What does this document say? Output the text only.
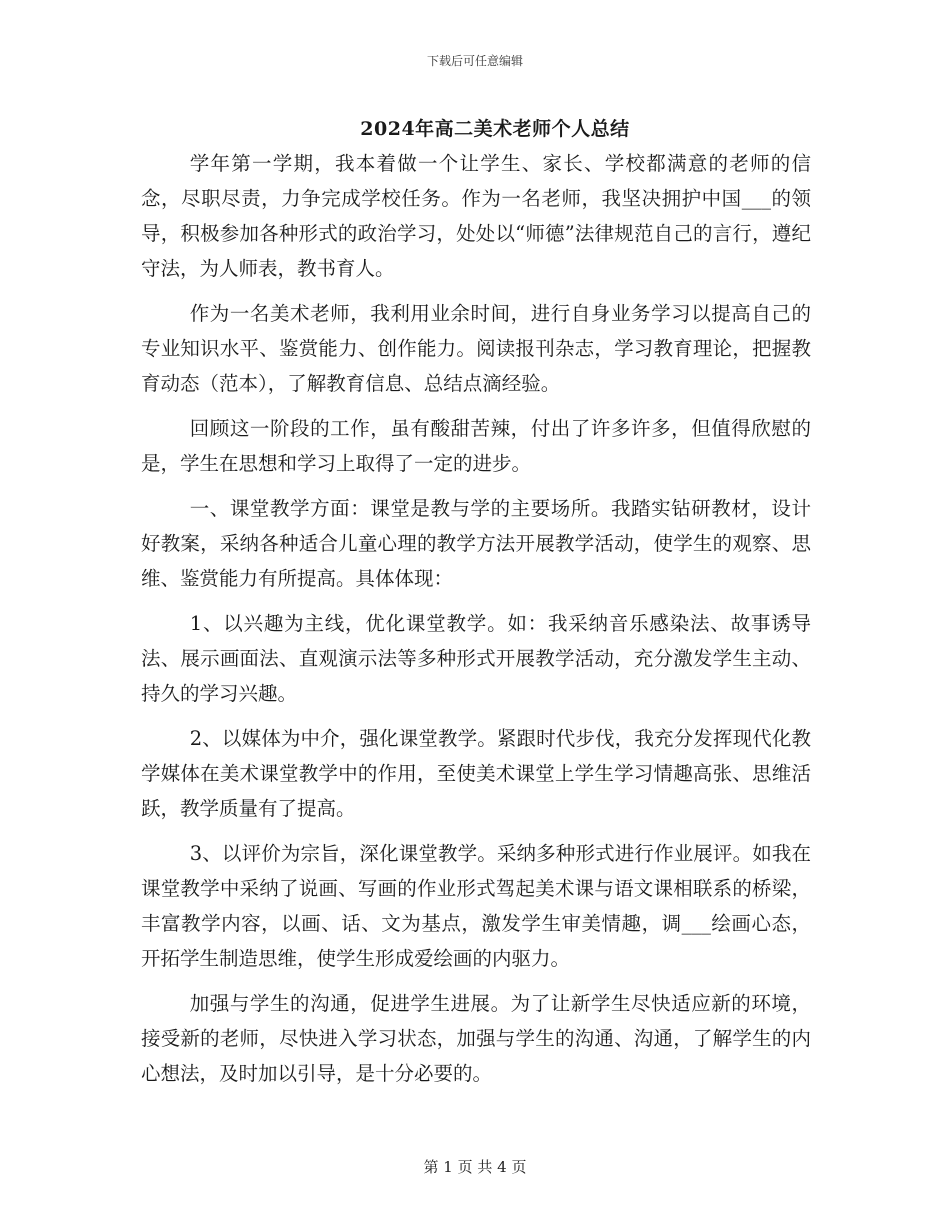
下载后可任意编辑
2024年高二美术老师个人总结

学年第一学期，我本着做一个让学生、家长、学校都满意的老师的信念，尽职尽责，力争完成学校任务。作为一名老师，我坚决拥护中国___的领导，积极参加各种形式的政治学习，处处以“师德”法律规范自己的言行，遵纪守法，为人师表，教书育人。

作为一名美术老师，我利用业余时间，进行自身业务学习以提高自己的专业知识水平、鉴赏能力、创作能力。阅读报刊杂志，学习教育理论，把握教育动态（范本），了解教育信息、总结点滴经验。

回顾这一阶段的工作，虽有酸甜苦辣，付出了许多许多，但值得欣慰的是，学生在思想和学习上取得了一定的进步。

一、课堂教学方面：课堂是教与学的主要场所。我踏实钻研教材，设计好教案，采纳各种适合儿童心理的教学方法开展教学活动，使学生的观察、思维、鉴赏能力有所提高。具体体现：

1、以兴趣为主线，优化课堂教学。如：我采纳音乐感染法、故事诱导法、展示画面法、直观演示法等多种形式开展教学活动，充分激发学生主动、持久的学习兴趣。

2、以媒体为中介，强化课堂教学。紧跟时代步伐，我充分发挥现代化教学媒体在美术课堂教学中的作用，至使美术课堂上学生学习情趣高张、思维活跃，教学质量有了提高。

3、以评价为宗旨，深化课堂教学。采纳多种形式进行作业展评。如我在课堂教学中采纳了说画、写画的作业形式驾起美术课与语文课相联系的桥梁，丰富教学内容，以画、话、文为基点，激发学生审美情趣，调___绘画心态，开拓学生制造思维，使学生形成爱绘画的内驱力。

加强与学生的沟通，促进学生进展。为了让新学生尽快适应新的环境，接受新的老师，尽快进入学习状态，加强与学生的沟通、沟通，了解学生的内心想法，及时加以引导，是十分必要的。

第 1 页 共 4 页
